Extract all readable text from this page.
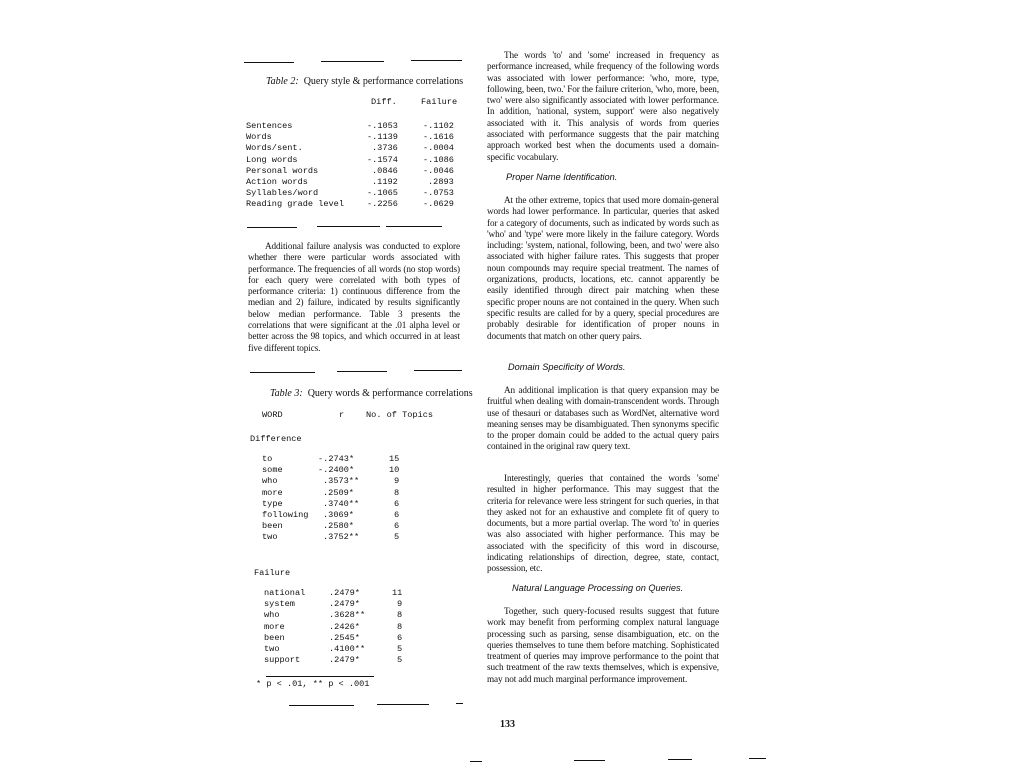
Table 2: Query style & performance correlations
Diff.	Failure
Sentences	-.1053	-.1102
Words	-.1139	-.1616
Words/sent.	.3736	-.0004
Long words	-.1574	-.1086
Personal words	.0846	-.0046
Action words	.1192	.2893
Syllables/word	-.1065	-.0753
Reading grade level	-.2256	-.0629
Additional failure analysis was conducted to explore whether there were particular words associated with performance. The frequencies of all words (no stop words) for each query were correlated with both types of performance criteria: 1) continuous difference from the median and 2) failure, indicated by results significantly below median performance. Table 3 presents the correlations that were significant at the .01 alpha level or better across the 98 topics, and which occurred in at least five different topics.
Table 3: Query words & performance correlations
WORD	r	No. of Topics
Difference
to	-.2743*	15
some	-.2400*	10
who	.3573**	9
more	.2509*	8
type	.3740**	6
following .3069*	6
been	.2580*	6
two	.3752**	5
Failure
national	.2479*	11
system	.2479*	9
who	.3628**	8
more	.2426*	8
been	.2545*	6
two	.4100**	5
support	.2479*	5
* p < .01, ** p < .001
The words 'to' and 'some' increased in frequency as performance increased, while frequency of the following words was associated with lower performance: 'who, more, type, following, been, two.' For the failure criterion, 'who, more, been, two' were also significantly associated with lower performance. In addition, 'national, system, support' were also negatively associated with it. This analysis of words from queries associated with performance suggests that the pair matching approach worked best when the documents used a domain-specific vocabulary.
Proper Name Identification.
At the other extreme, topics that used more domain-general words had lower performance. In particular, queries that asked for a category of documents, such as indicated by words such as 'who' and 'type' were more likely in the failure category. Words including: 'system, national, following, been, and two' were also associated with higher failure rates. This suggests that proper noun compounds may require special treatment. The names of organizations, products, locations, etc. cannot apparently be easily identified through direct pair matching when these specific proper nouns are not contained in the query. When such specific results are called for by a query, special procedures are probably desirable for identification of proper nouns in documents that match on other query pairs.
Domain Specificity of Words.
An additional implication is that query expansion may be fruitful when dealing with domain-transcendent words. Through use of thesauri or databases such as WordNet, alternative word meaning senses may be disambiguated. Then synonyms specific to the proper domain could be added to the actual query pairs contained in the original raw query text.
Interestingly, queries that contained the words 'some' resulted in higher performance. This may suggest that the criteria for relevance were less stringent for such queries, in that they asked not for an exhaustive and complete fit of query to documents, but a more partial overlap. The word 'to' in queries was also associated with higher performance. This may be associated with the specificity of this word in discourse, indicating relationships of direction, degree, state, contact, possession, etc.
Natural Language Processing on Queries.
Together, such query-focused results suggest that future work may benefit from performing complex natural language processing such as parsing, sense disambiguation, etc. on the queries themselves to tune them before matching. Sophisticated treatment of queries may improve performance to the point that such treatment of the raw texts themselves, which is expensive, may not add much marginal performance improvement.
133
